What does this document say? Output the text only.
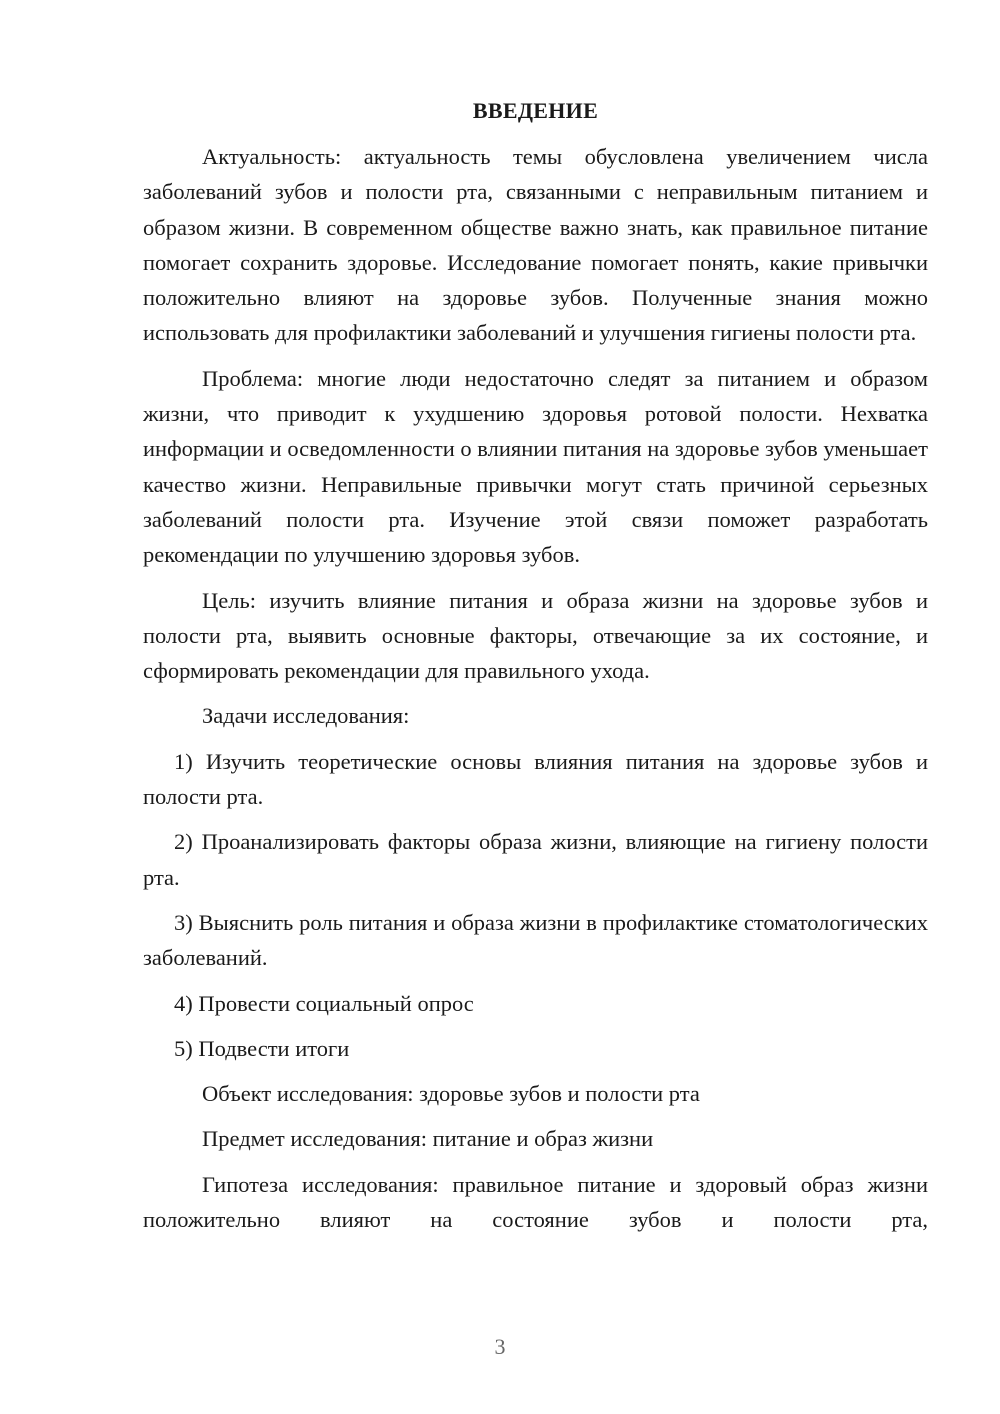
ВВЕДЕНИЕ

Актуальность: актуальность темы обусловлена увеличением числа заболеваний зубов и полости рта, связанными с неправильным питанием и образом жизни. В современном обществе важно знать, как правильное питание помогает сохранить здоровье. Исследование помогает понять, какие привычки положительно влияют на здоровье зубов. Полученные знания можно использовать для профилактики заболеваний и улучшения гигиены полости рта.

Проблема: многие люди недостаточно следят за питанием и образом жизни, что приводит к ухудшению здоровья ротовой полости. Нехватка информации и осведомленности о влиянии питания на здоровье зубов уменьшает качество жизни. Неправильные привычки могут стать причиной серьезных заболеваний полости рта. Изучение этой связи поможет разработать рекомендации по улучшению здоровья зубов.

Цель: изучить влияние питания и образа жизни на здоровье зубов и полости рта, выявить основные факторы, отвечающие за их состояние, и сформировать рекомендации для правильного ухода.

Задачи исследования:

1) Изучить теоретические основы влияния питания на здоровье зубов и полости рта.

2) Проанализировать факторы образа жизни, влияющие на гигиену полости рта.

3) Выяснить роль питания и образа жизни в профилактике стоматологических заболеваний.

4) Провести социальный опрос

5) Подвести итоги

Объект исследования: здоровье зубов и полости рта

Предмет исследования: питание и образ жизни

Гипотеза исследования: правильное питание и здоровый образ жизни положительно влияют на состояние зубов и полости рта,

3
